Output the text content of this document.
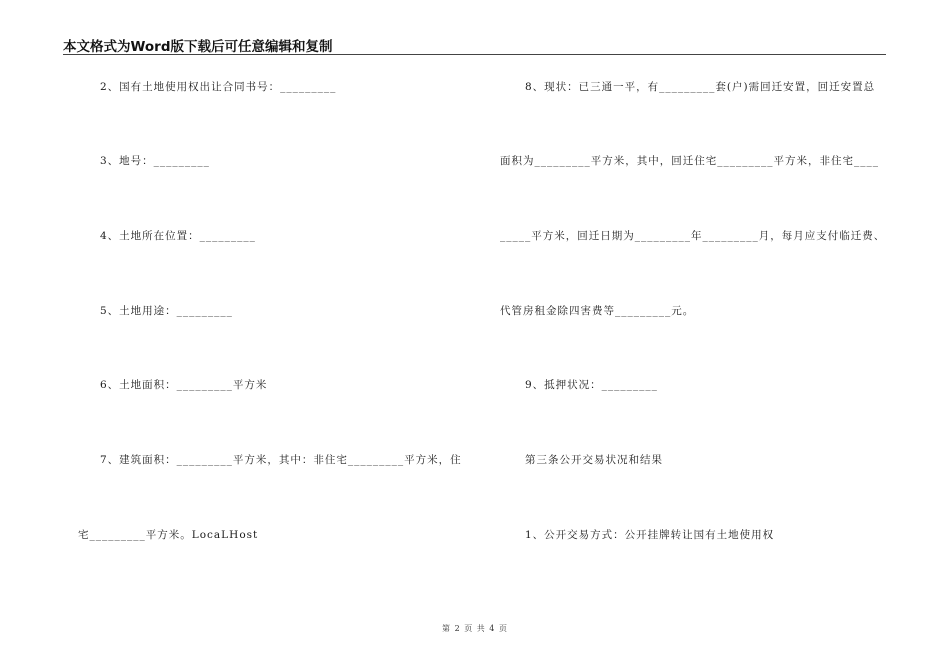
本文格式为Word版下载后可任意编辑和复制
2、国有土地使用权出让合同书号：_________
3、地号：_________
4、土地所在位置：_________
5、土地用途：_________
6、土地面积：_________平方米
7、建筑面积：_________平方米，其中：非住宅_________平方米，住
宅_________平方米。LocaLHost
8、现状：已三通一平，有_________套(户)需回迁安置，回迁安置总
面积为_________平方米，其中，回迁住宅_________平方米，非住宅____
_____平方米，回迁日期为_________年_________月，每月应支付临迁费、
代管房租金除四害费等_________元。
9、抵押状况：_________
第三条公开交易状况和结果
1、公开交易方式：公开挂牌转让国有土地使用权
第 2 页 共 4 页
